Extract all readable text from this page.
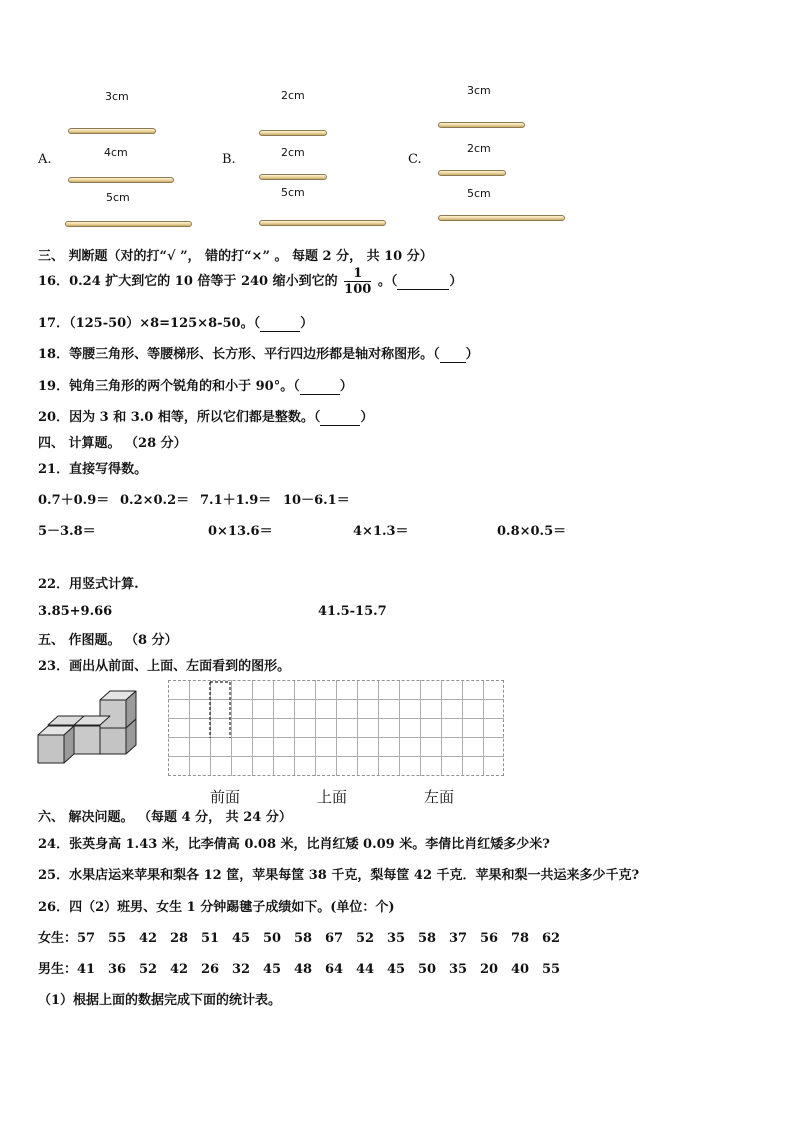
3cm
A.	4cm
5cm
2cm
B.	2cm
5cm
3cm
C.
2cm
5cm
三、 判断题（对的打“√ ”， 错的打“×” 。 每题 2 分， 共 10 分）
16．0.24 扩大到它的 10 倍等于 240 缩小到它的 $\frac{1}{100}$ 。（	）
17．（125-50）×8=125×8-50。（	）
18．等腰三角形、等腰梯形、长方形、平行四边形都是轴对称图形。（ ）
19．钝角三角形的两个锐角的和小于 90°。（	）
20．因为 3 和 3.0 相等，所以它们都是整数。（	）
四、 计算题。 （28 分）
21．直接写得数。
0.7＋0.9＝ 0.2×0.2＝ 7.1＋1.9＝ 10－6.1＝
5－3.8＝	0×13.6＝	4×1.3＝	0.8×0.5＝
22．用竖式计算.
3.85+9.66	41.5-15.7
五、 作图题。 （8 分）
23．画出从前面、上面、左面看到的图形。
前面	上面	左面
六、 解决问题。 （每题 4 分， 共 24 分）
24．张英身高 1.43 米，比李倩高 0.08 米，比肖红矮 0.09 米。李倩比肖红矮多少米?
25．水果店运来苹果和梨各 12 筐，苹果每筐 38 千克，梨每筐 42 千克．苹果和梨一共运来多少千克?
26．四（2）班男、女生 1 分钟踢毽子成绩如下。(单位：个)
女生：57 55 42 28 51 45 50 58 67 52 35 58 37 56 78 62
男生：41 36 52 42 26 32 45 48 64 44 45 50 35 20 40 55
（1）根据上面的数据完成下面的统计表。
